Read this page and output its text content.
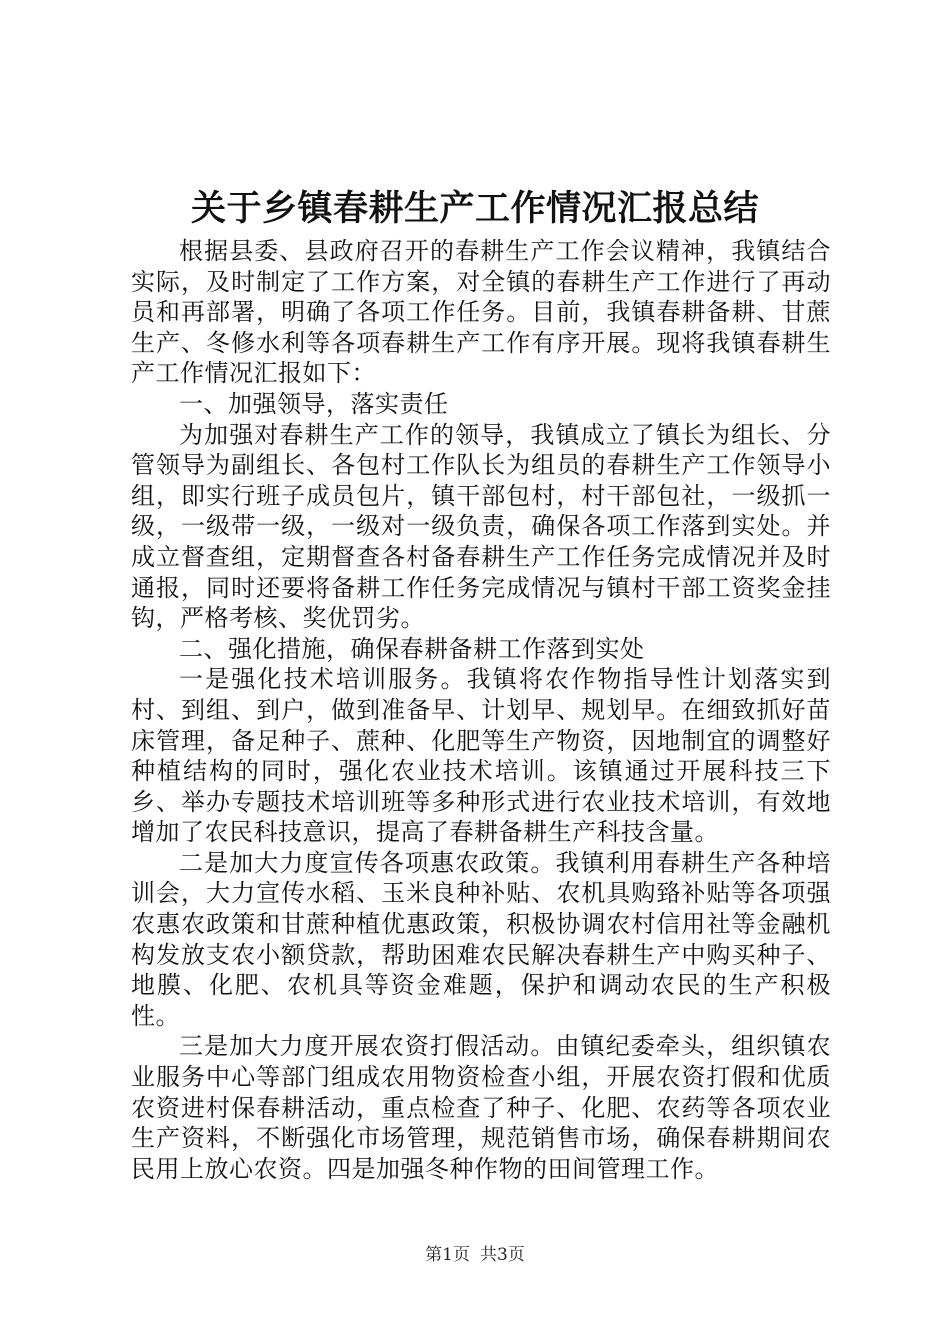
关于乡镇春耕生产工作情况汇报总结

根据县委、县政府召开的春耕生产工作会议精神，我镇结合实际，及时制定了工作方案，对全镇的春耕生产工作进行了再动员和再部署，明确了各项工作任务。目前，我镇春耕备耕、甘蔗生产、冬修水利等各项春耕生产工作有序开展。现将我镇春耕生产工作情况汇报如下：

一、加强领导，落实责任

为加强对春耕生产工作的领导，我镇成立了镇长为组长、分管领导为副组长、各包村工作队长为组员的春耕生产工作领导小组，即实行班子成员包片，镇干部包村，村干部包社，一级抓一级，一级带一级，一级对一级负责，确保各项工作落到实处。并成立督查组，定期督查各村备春耕生产工作任务完成情况并及时通报，同时还要将备耕工作任务完成情况与镇村干部工资奖金挂钩，严格考核、奖优罚劣。

二、强化措施，确保春耕备耕工作落到实处

一是强化技术培训服务。我镇将农作物指导性计划落实到村、到组、到户，做到准备早、计划早、规划早。在细致抓好苗床管理，备足种子、蔗种、化肥等生产物资，因地制宜的调整好种植结构的同时，强化农业技术培训。该镇通过开展科技三下乡、举办专题技术培训班等多种形式进行农业技术培训，有效地增加了农民科技意识，提高了春耕备耕生产科技含量。

二是加大力度宣传各项惠农政策。我镇利用春耕生产各种培训会，大力宣传水稻、玉米良种补贴、农机具购臵补贴等各项强农惠农政策和甘蔗种植优惠政策，积极协调农村信用社等金融机构发放支农小额贷款，帮助困难农民解决春耕生产中购买种子、地膜、化肥、农机具等资金难题，保护和调动农民的生产积极性。

三是加大力度开展农资打假活动。由镇纪委牵头，组织镇农业服务中心等部门组成农用物资检查小组，开展农资打假和优质农资进村保春耕活动，重点检查了种子、化肥、农药等各项农业生产资料，不断强化市场管理，规范销售市场，确保春耕期间农民用上放心农资。四是加强冬种作物的田间管理工作。

第1页 共3页
